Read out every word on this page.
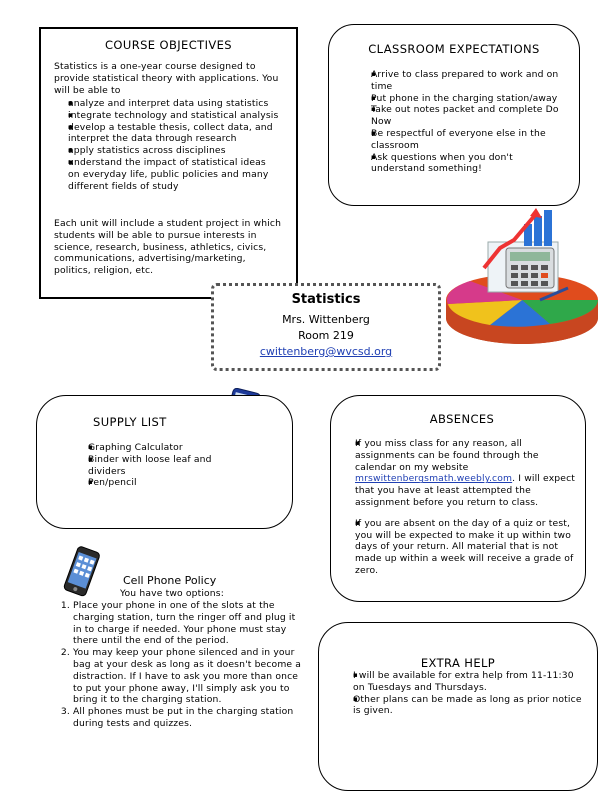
COURSE OBJECTIVES
Statistics is a one-year course designed to provide statistical theory with applications. You will be able to
▪ analyze and interpret data using statistics
▪ integrate technology and statistical analysis
▪ develop a testable thesis, collect data, and interpret the data through research
▪ apply statistics across disciplines
▪ understand the impact of statistical ideas on everyday life, public policies and many different fields of study
Each unit will include a student project in which students will be able to pursue interests in science, research, business, athletics, civics, communications, advertising/marketing, politics, religion, etc.
CLASSROOM EXPECTATIONS
▪ Arrive to class prepared to work and on time
▪ Put phone in the charging station/away
▪ Take out notes packet and complete Do Now
▪ Be respectful of everyone else in the classroom
▪ Ask questions when you don't understand something!
Statistics
Mrs. Wittenberg
Room 219
cwittenberg@wvcsd.org
SUPPLY LIST
▪ Graphing Calculator
▪ Binder with loose leaf and dividers
▪ Pen/pencil
ABSENCES
▪ If you miss class for any reason, all assignments can be found through the calendar on my website mrswittenbergsmath.weebly.com. I will expect that you have at least attempted the assignment before you return to class.
▪ If you are absent on the day of a quiz or test, you will be expected to make it up within two days of your return. All material that is not made up within a week will receive a grade of zero.
Cell Phone Policy
You have two options:
1. Place your phone in one of the slots at the charging station, turn the ringer off and plug it in to charge if needed. Your phone must stay there until the end of the period.
2. You may keep your phone silenced and in your bag at your desk as long as it doesn't become a distraction. If I have to ask you more than once to put your phone away, I'll simply ask you to bring it to the charging station.
3. All phones must be put in the charging station during tests and quizzes.
EXTRA HELP
▪ I will be available for extra help from 11-11:30 on Tuesdays and Thursdays.
▪ Other plans can be made as long as prior notice is given.
